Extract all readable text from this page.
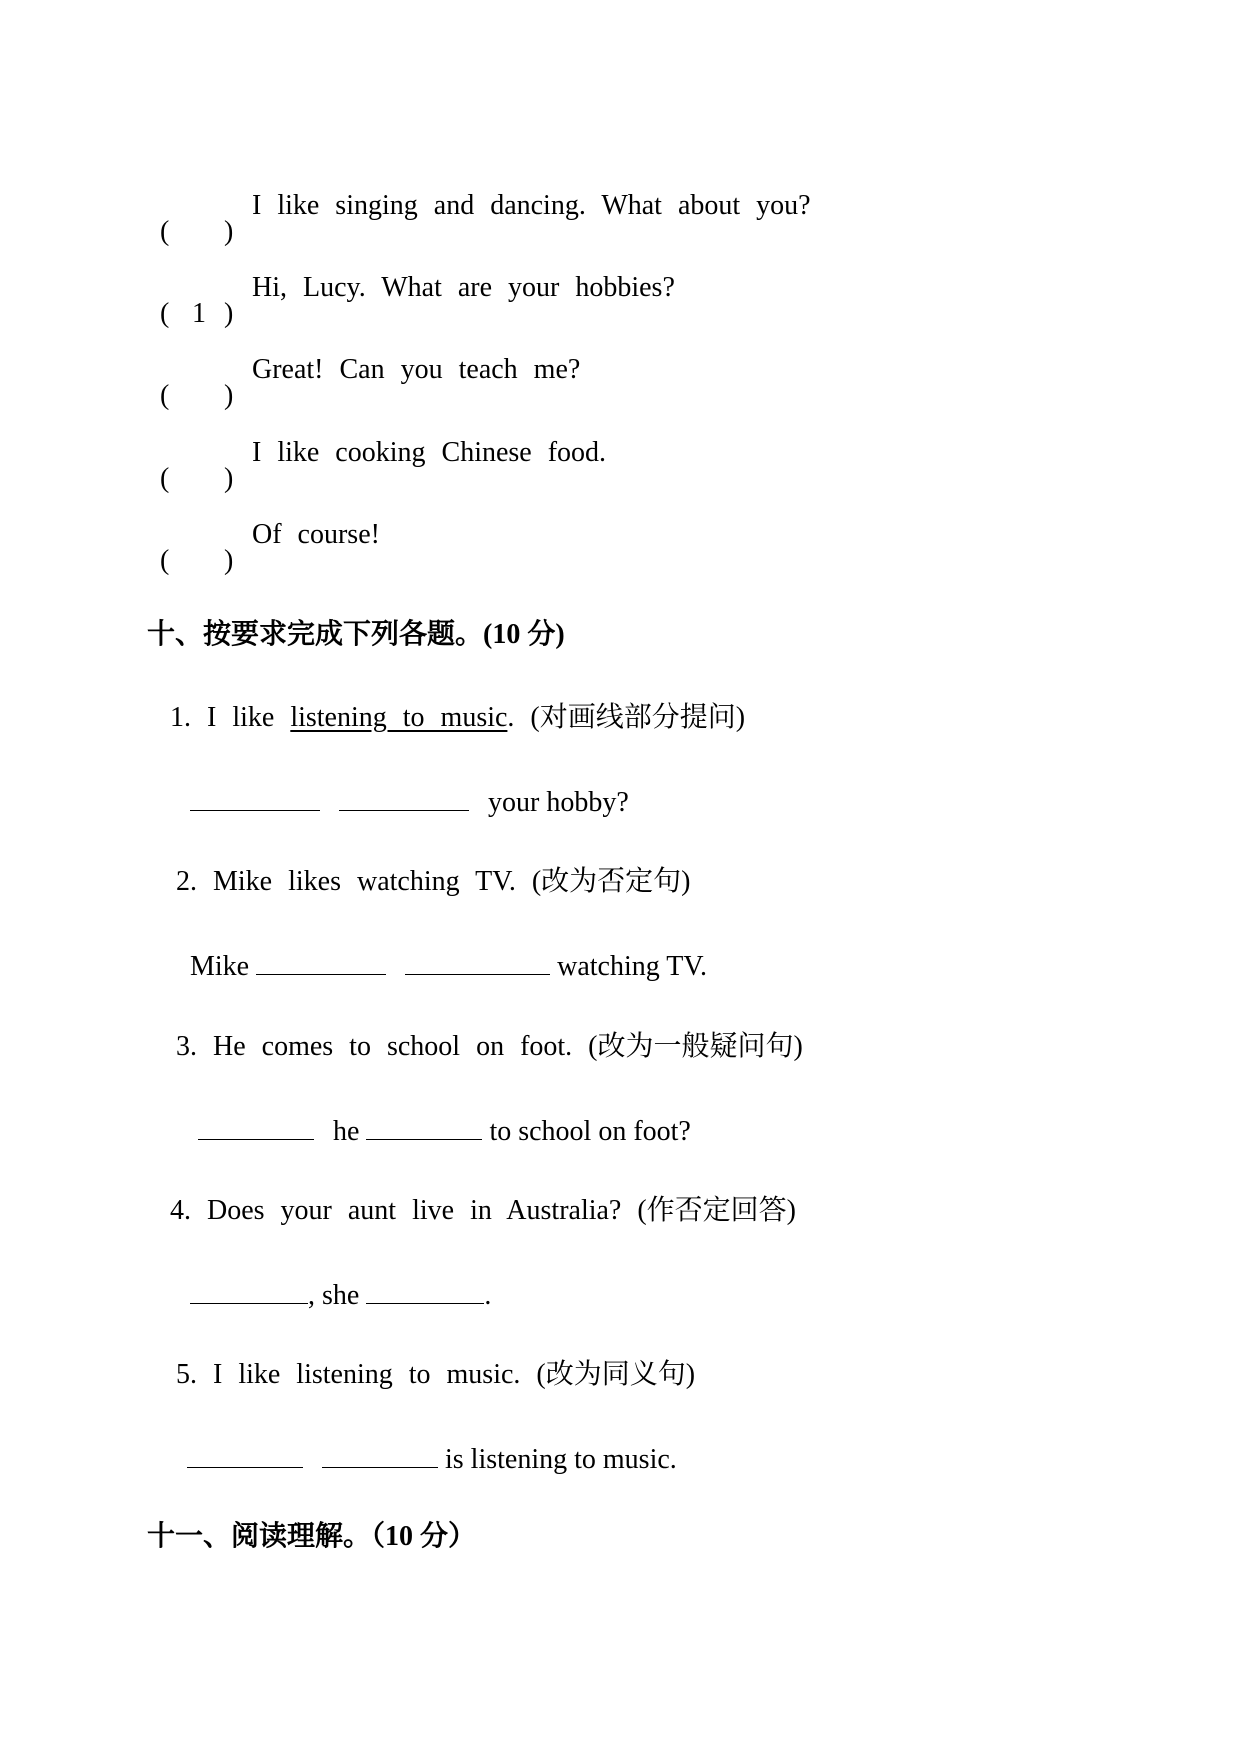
( )
I like singing and dancing. What about you?
( 1 )
Hi, Lucy. What are your hobbies?
( )
Great! Can you teach me?
( )
I like cooking Chinese food.
( )
Of course!
十、按要求完成下列各题。(10 分)
1. I like listening to music. (对画线部分提问)
your hobby?
2. Mike likes watching TV. (改为否定句)
Mike	watching TV.
3. He comes to school on foot. (改为一般疑问句)
he	to school on foot?
4. Does your aunt live in Australia? (作否定回答)
, she	.
5. I like listening to music. (改为同义句)
is listening to music.
十一、阅读理解。（10 分）
